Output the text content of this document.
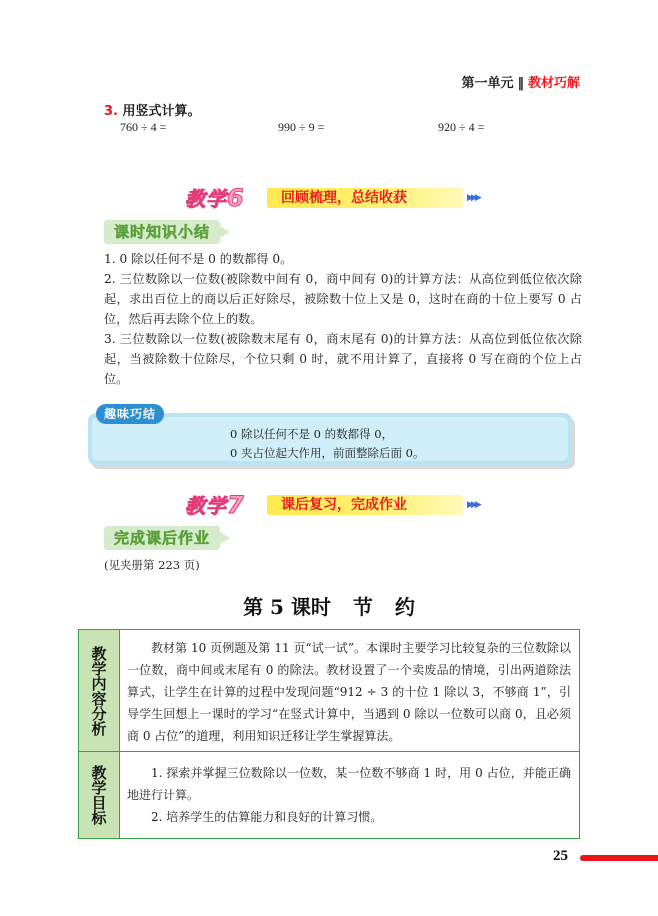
第一单元 ‖ 教材巧解
3. 用竖式计算。
760 ÷ 4 =	990 ÷ 9 =	920 ÷ 4 =
教学6	回顾梳理，总结收获	▶▶▶
课时知识小结

1. 0 除以任何不是 0 的数都得 0。

2. 三位数除以一位数(被除数中间有 0，商中间有 0)的计算方法：从高位到低位依次除起，求出百位上的商以后正好除尽，被除数十位上又是 0，这时在商的十位上要写 0 占位，然后再去除个位上的数。

3. 三位数除以一位数(被除数末尾有 0，商末尾有 0)的计算方法：从高位到低位依次除起，当被除数十位除尽，个位只剩 0 时，就不用计算了，直接将 0 写在商的个位上占位。

趣味巧结
0 除以任何不是 0 的数都得 0，
0 夹占位起大作用，前面整除后面 0。
教学7	课后复习，完成作业	▶▶▶
完成课后作业
(见夹册第 223 页)
第 5 课时 节 约
教学内容分析	教材第 10 页例题及第 11 页“试一试”。本课时主要学习比较复杂的三位数除以一位数，商中间或末尾有 0 的除法。教材设置了一个卖废品的情境，引出两道除法算式，让学生在计算的过程中发现问题“912 ÷ 3 的十位 1 除以 3，不够商 1”，引导学生回想上一课时的学习“在竖式计算中，当遇到 0 除以一位数可以商 0，且必须商 0 占位”的道理，利用知识迁移让学生掌握算法。

教学目标	1. 探索并掌握三位数除以一位数，某一位数不够商 1 时，用 0 占位，并能正确地进行计算。

2. 培养学生的估算能力和良好的计算习惯。

25
